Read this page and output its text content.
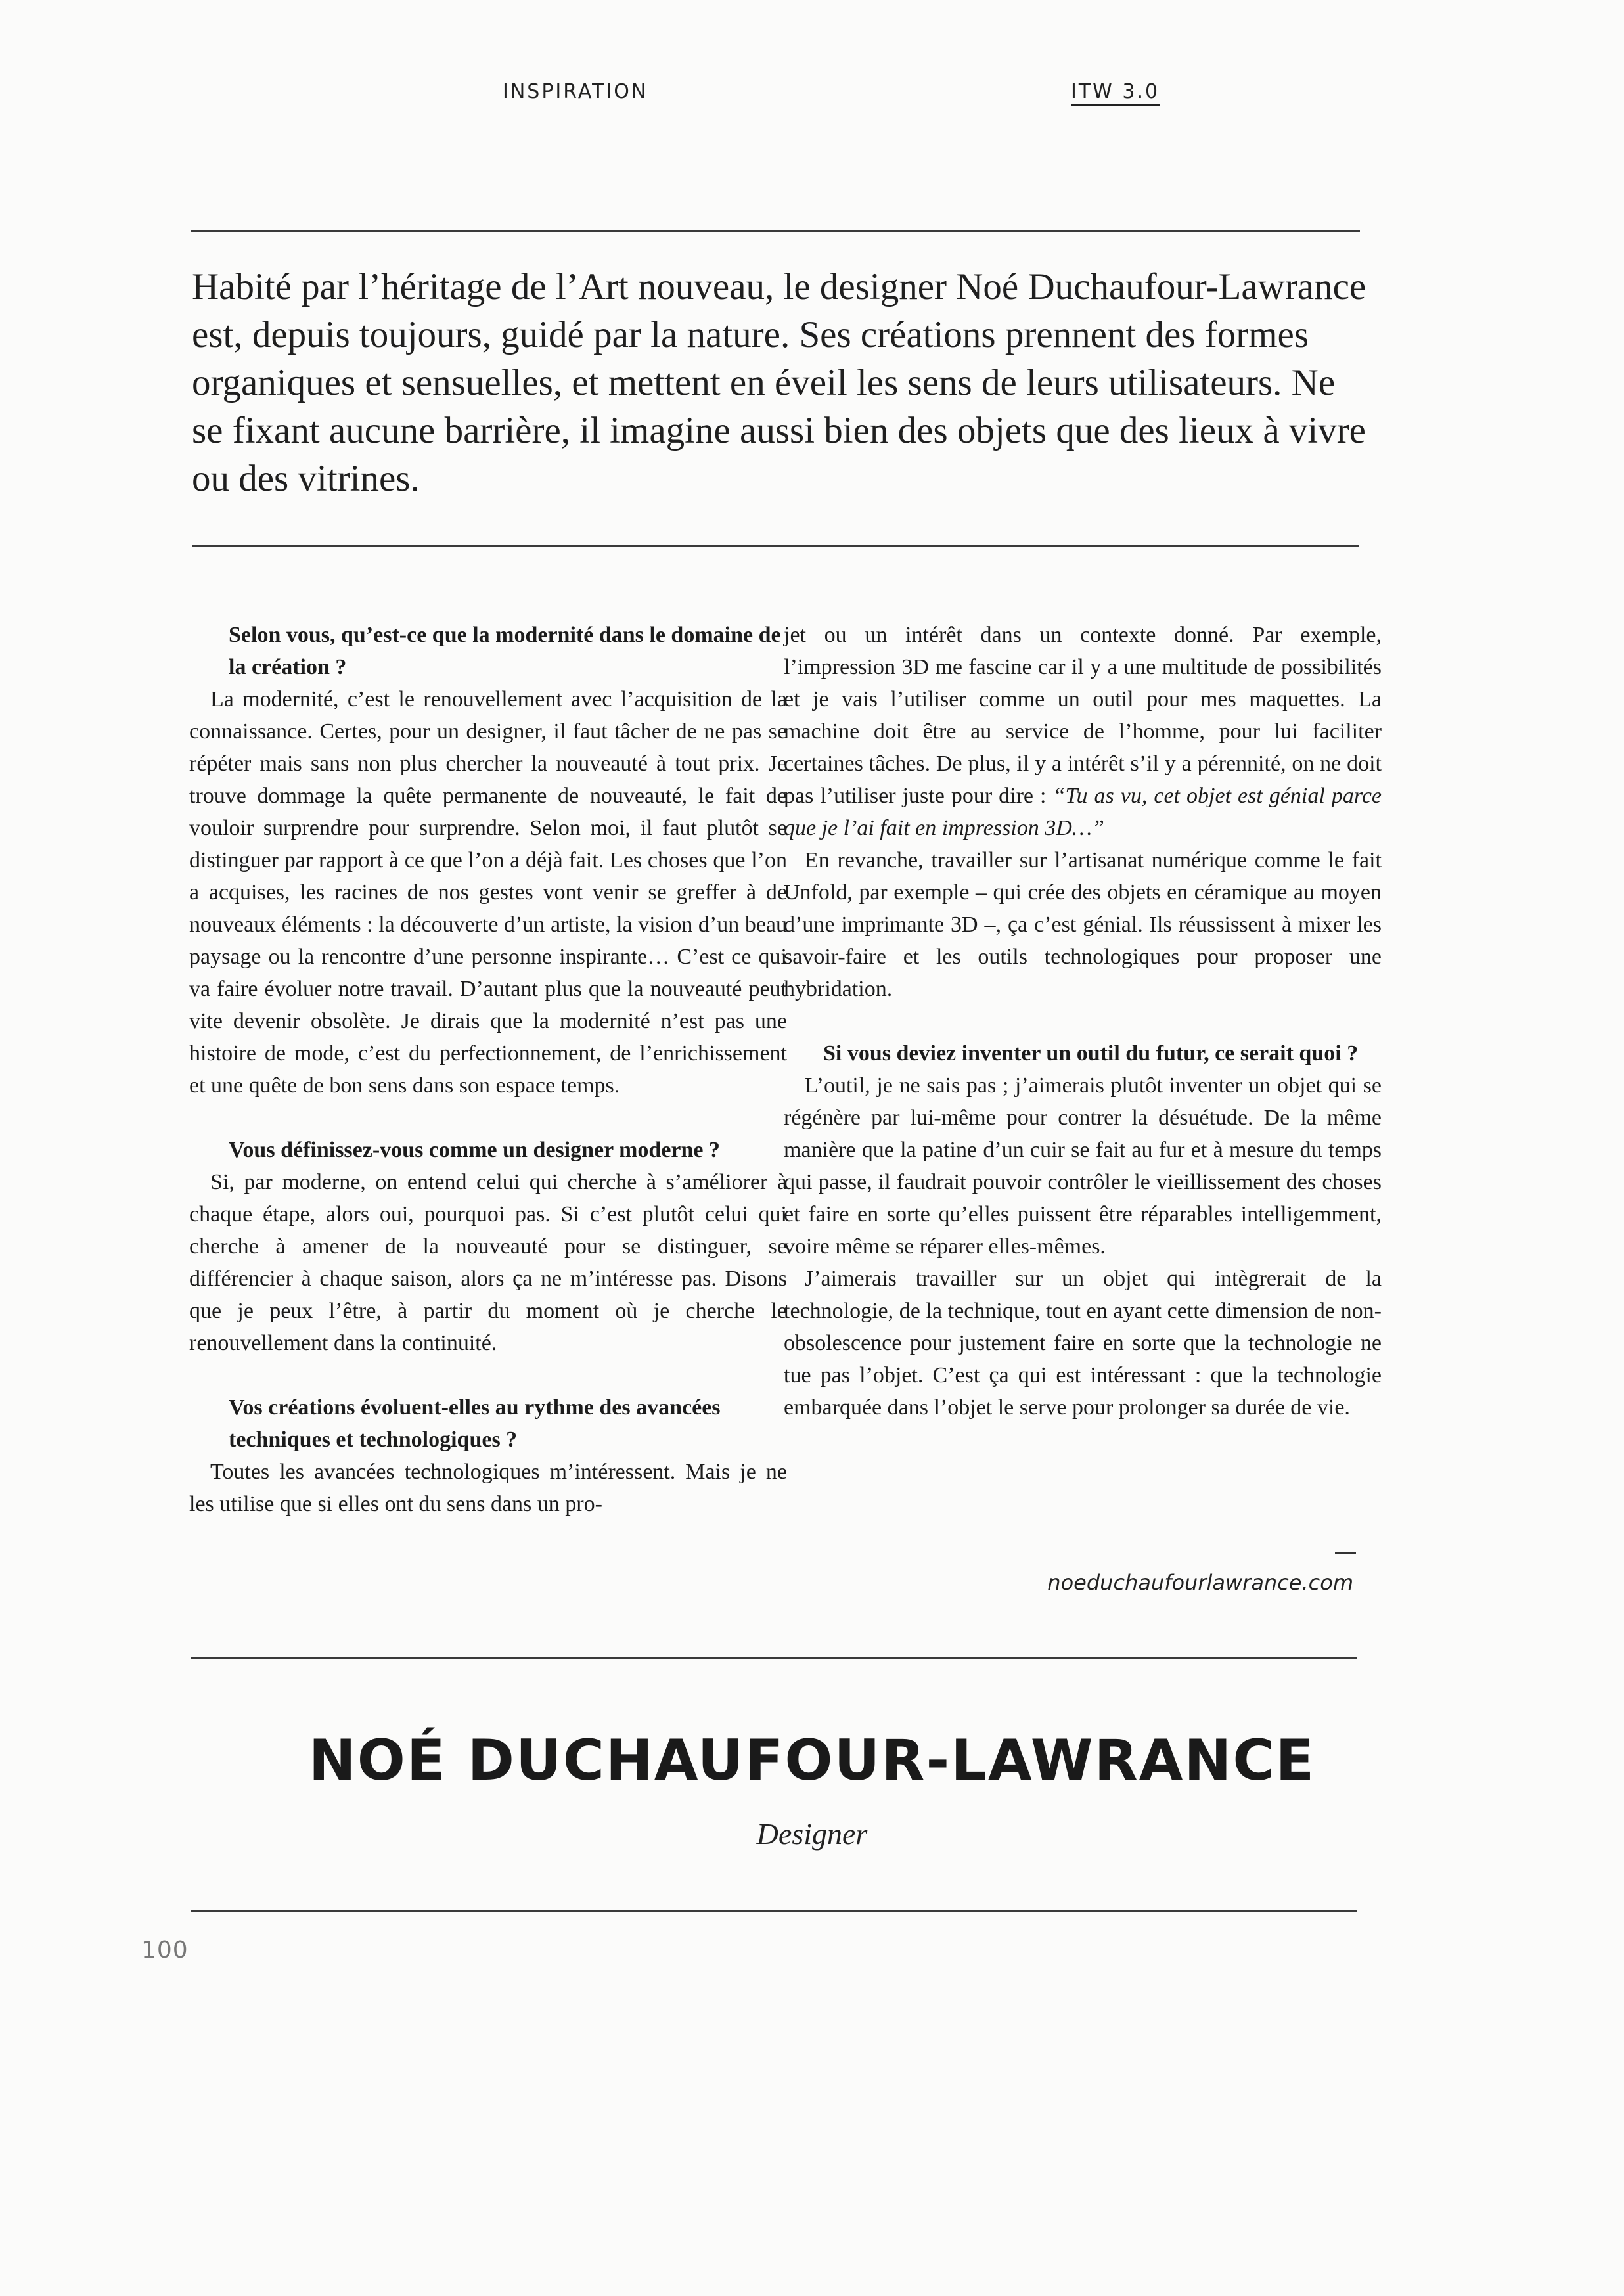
INSPIRATION	ITW 3.0

Habité par l’héritage de l’Art nouveau, le designer Noé Duchaufour-Lawrance est, depuis toujours, guidé par la nature. Ses créations prennent des formes organiques et sensuelles, et mettent en éveil les sens de leurs utilisateurs. Ne se fixant aucune barrière, il imagine aussi bien des objets que des lieux à vivre ou des vitrines.

Selon vous, qu’est-ce que la modernité dans le domaine de la création ?

La modernité, c’est le renouvellement avec l’acquisition de la connaissance. Certes, pour un designer, il faut tâcher de ne pas se répéter mais sans non plus chercher la nouveauté à tout prix. Je trouve dommage la quête permanente de nouveauté, le fait de vouloir surprendre pour surprendre. Selon moi, il faut plutôt se distinguer par rapport à ce que l’on a déjà fait. Les choses que l’on a acquises, les racines de nos gestes vont venir se greffer à de nouveaux éléments : la découverte d’un artiste, la vision d’un beau paysage ou la rencontre d’une personne inspirante… C’est ce qui va faire évoluer notre travail. D’autant plus que la nouveauté peut vite devenir obsolète. Je dirais que la modernité n’est pas une histoire de mode, c’est du perfectionnement, de l’enrichissement et une quête de bon sens dans son espace temps.

Vous définissez-vous comme un designer moderne ?

Si, par moderne, on entend celui qui cherche à s’améliorer à chaque étape, alors oui, pourquoi pas. Si c’est plutôt celui qui cherche à amener de la nouveauté pour se distinguer, se différencier à chaque saison, alors ça ne m’intéresse pas. Disons que je peux l’être, à partir du moment où je cherche le renouvellement dans la continuité.

Vos créations évoluent-elles au rythme des avancées techniques et technologiques ?

Toutes les avancées technologiques m’intéressent. Mais je ne les utilise que si elles ont du sens dans un pro-

jet ou un intérêt dans un contexte donné. Par exemple, l’impression 3D me fascine car il y a une multitude de possibilités et je vais l’utiliser comme un outil pour mes maquettes. La machine doit être au service de l’homme, pour lui faciliter certaines tâches. De plus, il y a intérêt s’il y a pérennité, on ne doit pas l’utiliser juste pour dire : “Tu as vu, cet objet est génial parce que je l’ai fait en impression 3D…”

En revanche, travailler sur l’artisanat numérique comme le fait Unfold, par exemple – qui crée des objets en céramique au moyen d’une imprimante 3D –, ça c’est génial. Ils réussissent à mixer les savoir-faire et les outils technologiques pour proposer une hybridation.

Si vous deviez inventer un outil du futur, ce serait quoi ?

L’outil, je ne sais pas ; j’aimerais plutôt inventer un objet qui se régénère par lui-même pour contrer la désuétude. De la même manière que la patine d’un cuir se fait au fur et à mesure du temps qui passe, il faudrait pouvoir contrôler le vieillissement des choses et faire en sorte qu’elles puissent être réparables intelligemment, voire même se réparer elles-mêmes.

J’aimerais travailler sur un objet qui intègrerait de la technologie, de la technique, tout en ayant cette dimension de non-obsolescence pour justement faire en sorte que la technologie ne tue pas l’objet. C’est ça qui est intéressant : que la technologie embarquée dans l’objet le serve pour prolonger sa durée de vie.

noeduchaufourlawrance.com
NOÉ DUCHAUFOUR-LAWRANCE
Designer
100
